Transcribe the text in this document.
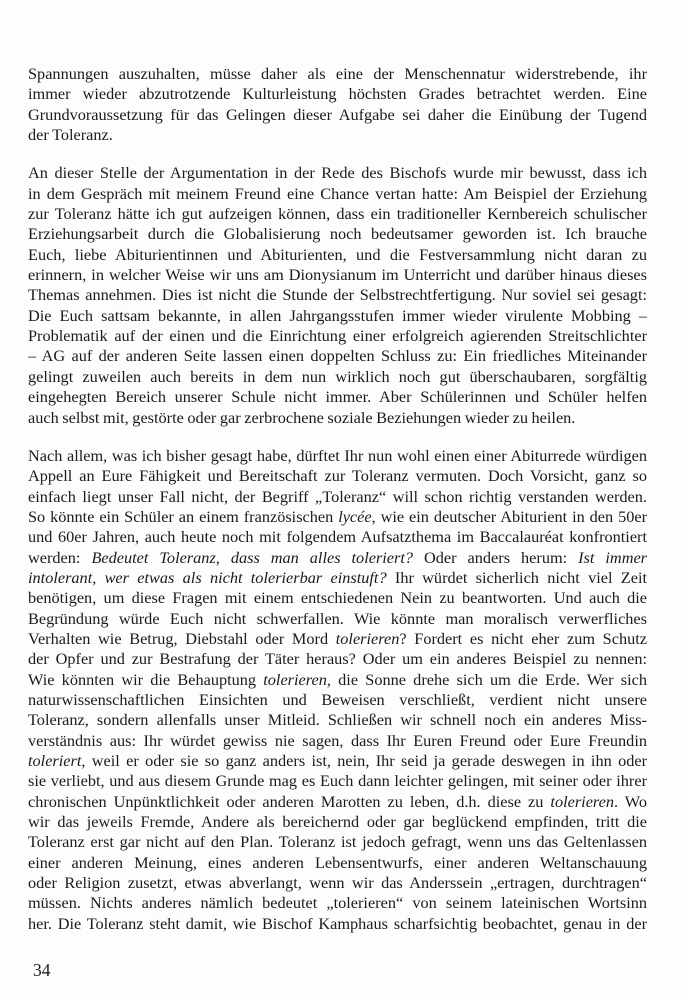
Spannungen auszuhalten, müsse daher als eine der Menschennatur widerstrebende, ihr
immer wieder abzutrotzende Kulturleistung höchsten Grades betrachtet werden. Eine
Grundvoraussetzung für das Gelingen dieser Aufgabe sei daher die Einübung der Tugend
der Toleranz.
An dieser Stelle der Argumentation in der Rede des Bischofs wurde mir bewusst, dass ich
in dem Gespräch mit meinem Freund eine Chance vertan hatte: Am Beispiel der Erziehung
zur Toleranz hätte ich gut aufzeigen können, dass ein traditioneller Kernbereich schulischer
Erziehungsarbeit durch die Globalisierung noch bedeutsamer geworden ist. Ich brauche
Euch, liebe Abiturientinnen und Abiturienten, und die Festversammlung nicht daran zu
erinnern, in welcher Weise wir uns am Dionysianum im Unterricht und darüber hinaus dieses
Themas annehmen. Dies ist nicht die Stunde der Selbstrechtfertigung. Nur soviel sei gesagt:
Die Euch sattsam bekannte, in allen Jahrgangsstufen immer wieder virulente Mobbing –
Problematik auf der einen und die Einrichtung einer erfolgreich agierenden Streitschlichter
– AG auf der anderen Seite lassen einen doppelten Schluss zu: Ein friedliches Miteinander
gelingt zuweilen auch bereits in dem nun wirklich noch gut überschaubaren, sorgfältig
eingehegten Bereich unserer Schule nicht immer. Aber Schülerinnen und Schüler helfen
auch selbst mit, gestörte oder gar zerbrochene soziale Beziehungen wieder zu heilen.
Nach allem, was ich bisher gesagt habe, dürftet Ihr nun wohl einen einer Abiturrede würdigen
Appell an Eure Fähigkeit und Bereitschaft zur Toleranz vermuten. Doch Vorsicht, ganz so
einfach liegt unser Fall nicht, der Begriff „Toleranz“ will schon richtig verstanden werden.
So könnte ein Schüler an einem französischen lycée, wie ein deutscher Abiturient in den 50er
und 60er Jahren, auch heute noch mit folgendem Aufsatzthema im Baccalauréat konfrontiert
werden: Bedeutet Toleranz, dass man alles toleriert? Oder anders herum: Ist immer
intolerant, wer etwas als nicht tolerierbar einstuft? Ihr würdet sicherlich nicht viel Zeit
benötigen, um diese Fragen mit einem entschiedenen Nein zu beantworten. Und auch die
Begründung würde Euch nicht schwerfallen. Wie könnte man moralisch verwerfliches
Verhalten wie Betrug, Diebstahl oder Mord tolerieren? Fordert es nicht eher zum Schutz
der Opfer und zur Bestrafung der Täter heraus? Oder um ein anderes Beispiel zu nennen:
Wie könnten wir die Behauptung tolerieren, die Sonne drehe sich um die Erde. Wer sich
naturwissenschaftlichen Einsichten und Beweisen verschließt, verdient nicht unsere
Toleranz, sondern allenfalls unser Mitleid. Schließen wir schnell noch ein anderes Miss-
verständnis aus: Ihr würdet gewiss nie sagen, dass Ihr Euren Freund oder Eure Freundin
toleriert, weil er oder sie so ganz anders ist, nein, Ihr seid ja gerade deswegen in ihn oder
sie verliebt, und aus diesem Grunde mag es Euch dann leichter gelingen, mit seiner oder ihrer
chronischen Unpünktlichkeit oder anderen Marotten zu leben, d.h. diese zu tolerieren. Wo
wir das jeweils Fremde, Andere als bereichernd oder gar beglückend empfinden, tritt die
Toleranz erst gar nicht auf den Plan. Toleranz ist jedoch gefragt, wenn uns das Geltenlassen
einer anderen Meinung, eines anderen Lebensentwurfs, einer anderen Weltanschauung
oder Religion zusetzt, etwas abverlangt, wenn wir das Anderssein „ertragen, durchtragen“
müssen. Nichts anderes nämlich bedeutet „tolerieren“ von seinem lateinischen Wortsinn
her. Die Toleranz steht damit, wie Bischof Kamphaus scharfsichtig beobachtet, genau in der
34
